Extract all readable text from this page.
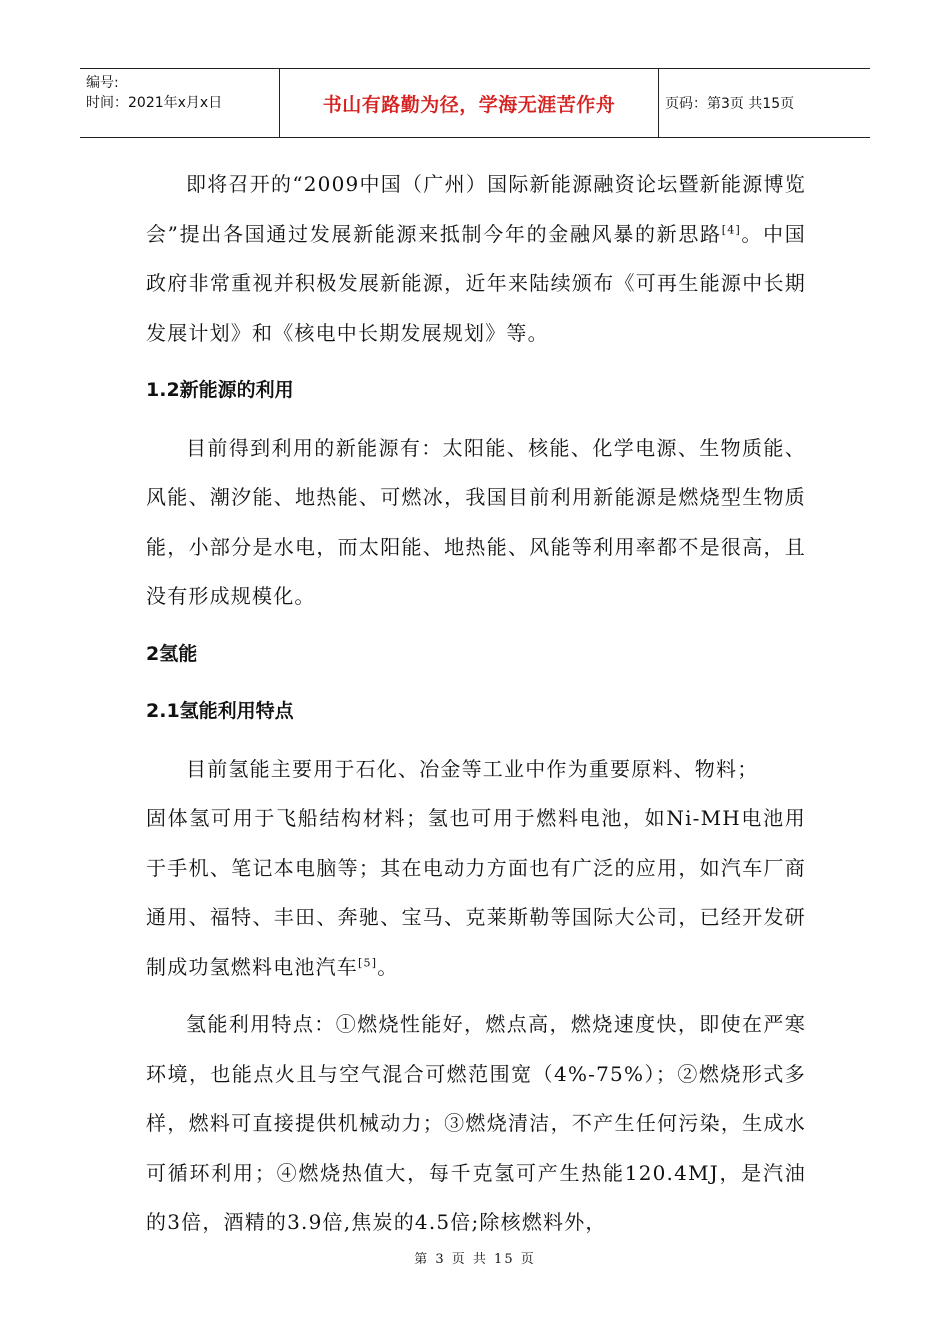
编号:
时间：2021年x月x日	书山有路勤为径，学海无涯苦作舟	页码：第3页 共15页

即将召开的“2009中国（广州）国际新能源融资论坛暨新能源博览会”提出各国通过发展新能源来抵制今年的金融风暴的新思路[4]。中国政府非常重视并积极发展新能源，近年来陆续颁布《可再生能源中长期发展计划》和《核电中长期发展规划》等。

1.2新能源的利用

目前得到利用的新能源有：太阳能、核能、化学电源、生物质能、风能、潮汐能、地热能、可燃冰，我国目前利用新能源是燃烧型生物质能，小部分是水电，而太阳能、地热能、风能等利用率都不是很高，且没有形成规模化。

2氢能

2.1氢能利用特点

目前氢能主要用于石化、冶金等工业中作为重要原料、物料；

固体氢可用于飞船结构材料；氢也可用于燃料电池，如Ni-MH电池用于手机、笔记本电脑等；其在电动力方面也有广泛的应用，如汽车厂商通用、福特、丰田、奔驰、宝马、克莱斯勒等国际大公司，已经开发研制成功氢燃料电池汽车[5]。

氢能利用特点：①燃烧性能好，燃点高，燃烧速度快，即使在严寒环境，也能点火且与空气混合可燃范围宽（4%-75%）；②燃烧形式多样，燃料可直接提供机械动力；③燃烧清洁，不产生任何污染，生成水可循环利用；④燃烧热值大，每千克氢可产生热能120.4MJ，是汽油的3倍，酒精的3.9倍,焦炭的4.5倍;除核燃料外，

第 3 页 共 15 页
